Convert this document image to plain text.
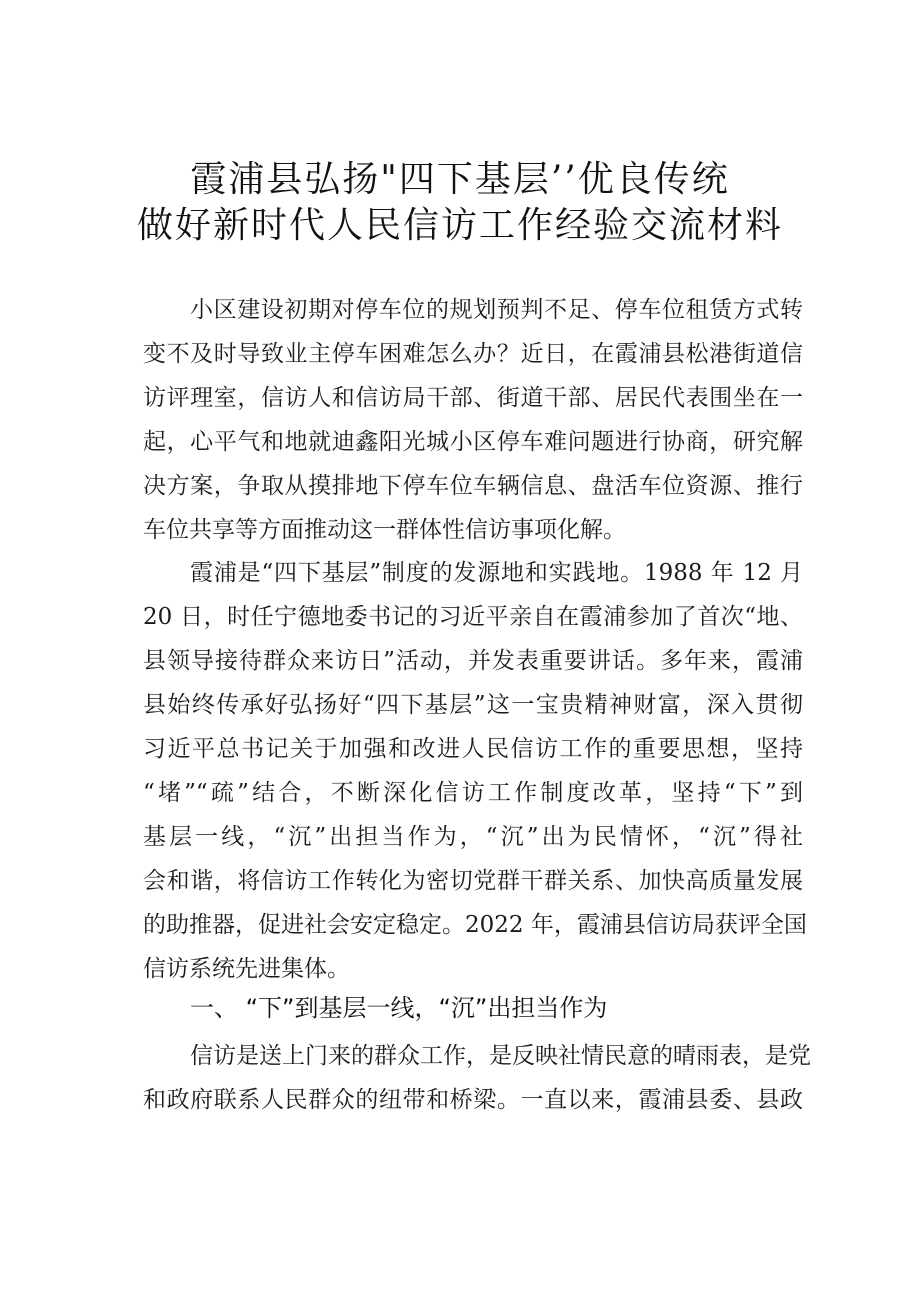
霞浦县弘扬"四下基层’’优良传统
做好新时代人民信访工作经验交流材料
小区建设初期对停车位的规划预判不足、停车位租赁方式转
变不及时导致业主停车困难怎么办？近日，在霞浦县松港街道信
访评理室，信访人和信访局干部、街道干部、居民代表围坐在一
起，心平气和地就迪鑫阳光城小区停车难问题进行协商，研究解
决方案，争取从摸排地下停车位车辆信息、盘活车位资源、推行
车位共享等方面推动这一群体性信访事项化解。
霞浦是“四下基层”制度的发源地和实践地。1988 年 12 月
20 日，时任宁德地委书记的习近平亲自在霞浦参加了首次“地、
县领导接待群众来访日”活动，并发表重要讲话。多年来，霞浦
县始终传承好弘扬好“四下基层”这一宝贵精神财富，深入贯彻
习近平总书记关于加强和改进人民信访工作的重要思想，坚持
“堵”“疏”结合，不断深化信访工作制度改革，坚持“下”到
基层一线，“沉”出担当作为，“沉”出为民情怀，“沉”得社
会和谐，将信访工作转化为密切党群干群关系、加快高质量发展
的助推器，促进社会安定稳定。2022 年，霞浦县信访局获评全国
信访系统先进集体。
一、 “下”到基层一线，“沉”出担当作为
信访是送上门来的群众工作，是反映社情民意的晴雨表，是党
和政府联系人民群众的纽带和桥梁。一直以来，霞浦县委、县政
